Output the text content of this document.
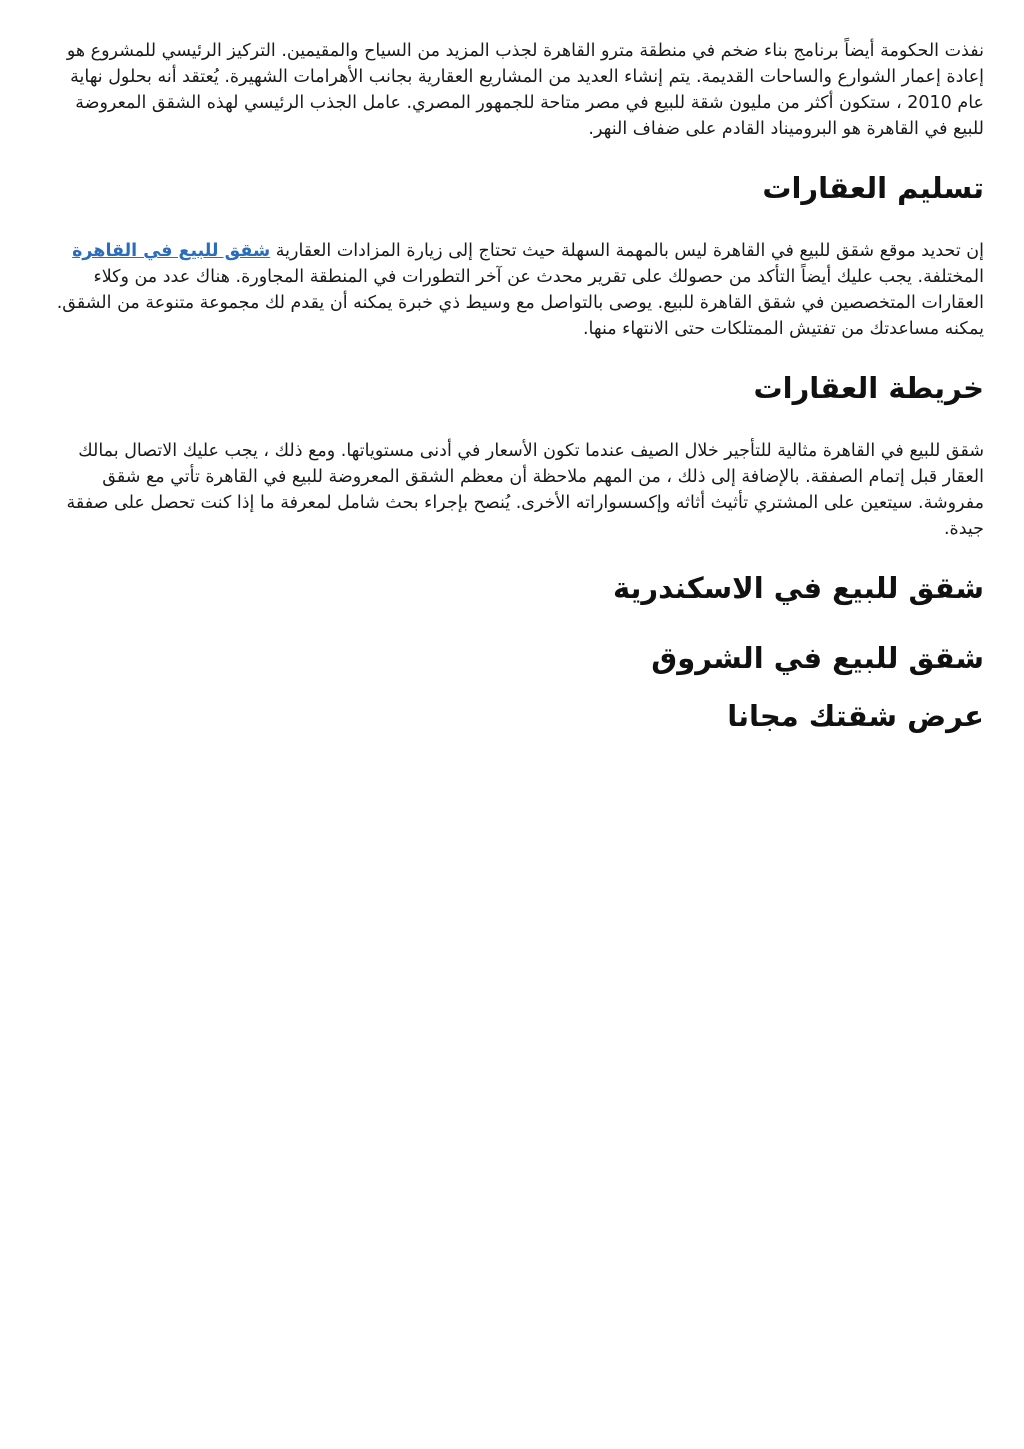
نفذت الحكومة أيضاً برنامج بناء ضخم في منطقة مترو القاهرة لجذب المزيد من السياح والمقيمين. التركيز الرئيسي للمشروع هو إعادة إعمار الشوارع والساحات القديمة. يتم إنشاء العديد من المشاريع العقارية بجانب الأهرامات الشهيرة. يُعتقد أنه بحلول نهاية عام 2010 ، ستكون أكثر من مليون شقة للبيع في مصر متاحة للجمهور المصري. عامل الجذب الرئيسي لهذه الشقق المعروضة للبيع في القاهرة هو البروميناد القادم على ضفاف النهر.

تسليم العقارات

إن تحديد موقع شقق للبيع في القاهرة ليس بالمهمة السهلة حيث تحتاج إلى زيارة المزادات العقارية شقق للبيع في القاهرة المختلفة. يجب عليك أيضاً التأكد من حصولك على تقرير محدث عن آخر التطورات في المنطقة المجاورة. هناك عدد من وكلاء العقارات المتخصصين في شقق القاهرة للبيع. يوصى بالتواصل مع وسيط ذي خبرة يمكنه أن يقدم لك مجموعة متنوعة من الشقق. يمكنه مساعدتك من تفتيش الممتلكات حتى الانتهاء منها.

خريطة العقارات

شقق للبيع في القاهرة مثالية للتأجير خلال الصيف عندما تكون الأسعار في أدنى مستوياتها. ومع ذلك ، يجب عليك الاتصال بمالك العقار قبل إتمام الصفقة. بالإضافة إلى ذلك ، من المهم ملاحظة أن معظم الشقق المعروضة للبيع في القاهرة تأتي مع شقق مفروشة. سيتعين على المشتري تأثيث أثاثه وإكسسواراته الأخرى. يُنصح بإجراء بحث شامل لمعرفة ما إذا كنت تحصل على صفقة جيدة.

شقق للبيع في الاسكندرية
شقق للبيع في الشروق
عرض شقتك مجانا
